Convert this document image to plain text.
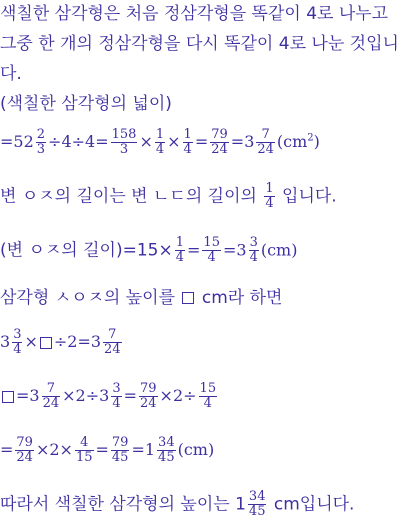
색칠한 삼각형은 처음 정삼각형을 똑같이 4로 나누고
그중 한 개의 정삼각형을 다시 똑같이 4로 나눈 것입니
다.
(색칠한 삼각형의 넓이)
$=52 \frac{2}{3} \div 4\div 4= \frac{158}{3} \times \frac{1}{4} \times \frac{1}{4} = \frac{79}{24} =3 \frac{7}{24} (cm^2)$
변 ㅇㅈ의 길이는 변 ㄴㄷ의 길이의 $\frac{1}{4}$ 입니다.
(변 ㅇㅈ의 길이)$=15\times \frac{1}{4} = \frac{15}{4} =3 \frac{3}{4} (cm)$
삼각형 ㅅㅇㅈ의 높이를 cm라 하면
$3 \frac{3}{4} \times \div 2=3 \frac{7}{24}$
$=3 \frac{7}{24} \times 2\div 3 \frac{3}{4} = \frac{79}{24} \times 2\div \frac{15}{4}$
= $\frac{79}{24} \times 2\times \frac{4}{15} = \frac{79}{45} =1 \frac{34}{45} (cm)$
따라서 색칠한 삼각형의 높이는 $1 \frac{34}{45}$ cm입니다.
